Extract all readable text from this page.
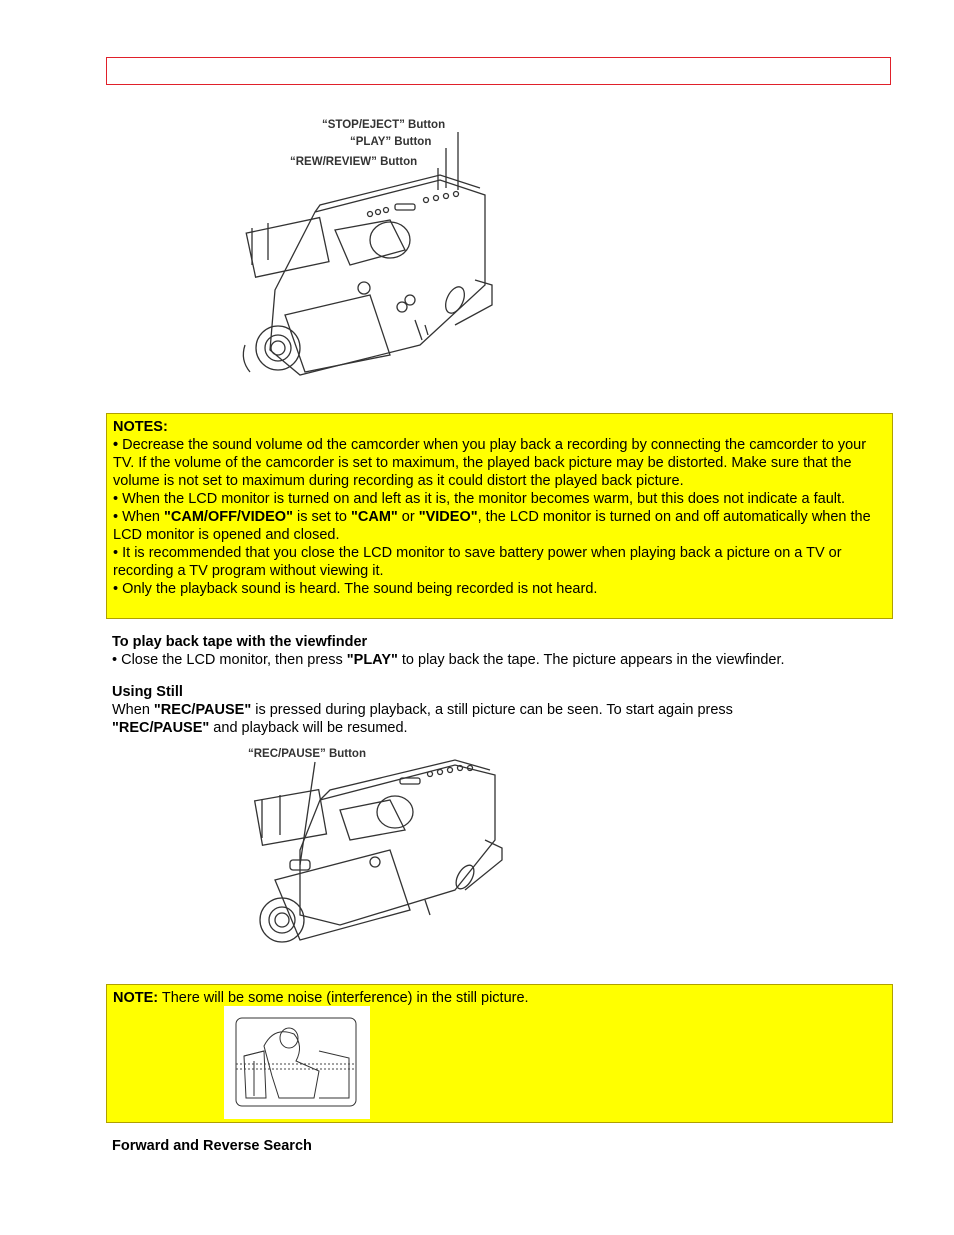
“STOP/EJECT” Button
“PLAY” Button
“REW/REVIEW” Button

NOTES:

• Decrease the sound volume od the camcorder when you play back a recording by connecting the camcorder to your TV. If the volume of the camcorder is set to maximum, the played back picture may be distorted. Make sure that the volume is not set to maximum during recording as it could distort the played back picture.

• When the LCD monitor is turned on and left as it is, the monitor becomes warm, but this does not indicate a fault.

• When "CAM/OFF/VIDEO" is set to "CAM" or "VIDEO", the LCD monitor is turned on and off automatically when the LCD monitor is opened and closed.

• It is recommended that you close the LCD monitor to save battery power when playing back a picture on a TV or recording a TV program without viewing it.

• Only the playback sound is heard. The sound being recorded is not heard.

To play back tape with the viewfinder

• Close the LCD monitor, then press "PLAY" to play back the tape. The picture appears in the viewfinder.

Using Still

When "REC/PAUSE" is pressed during playback, a still picture can be seen. To start again press
"REC/PAUSE" and playback will be resumed.

“REC/PAUSE” Button

NOTE: There will be some noise (interference) in the still picture.

Forward and Reverse Search
